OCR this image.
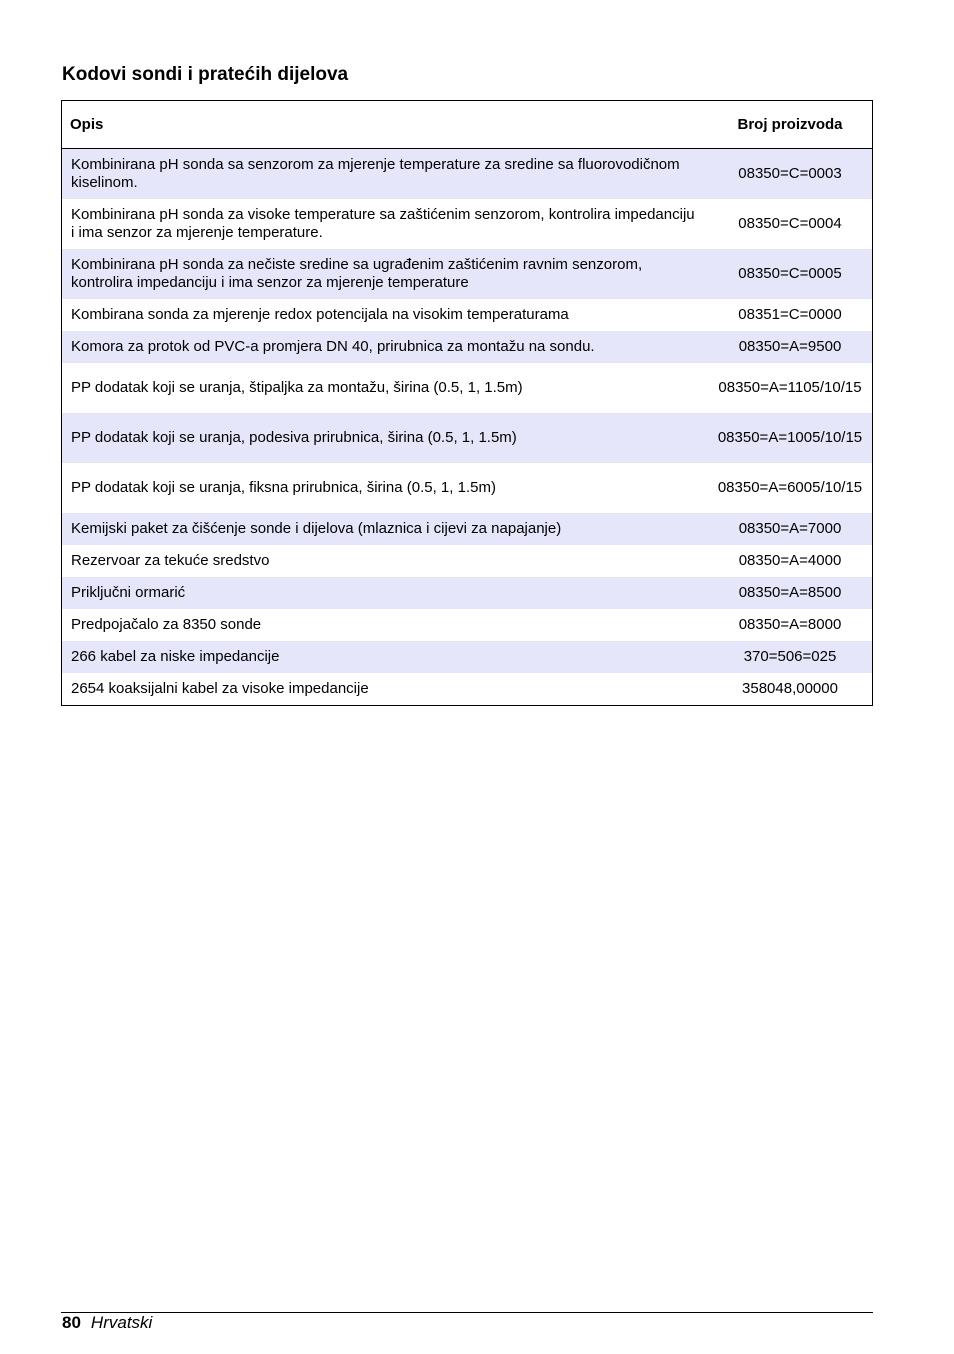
Kodovi sondi i pratećih dijelova
Opis	Broj proizvoda
Kombinirana pH sonda sa senzorom za mjerenje temperature za sredine sa fluorovodičnom kiselinom.	08350=C=0003
Kombinirana pH sonda za visoke temperature sa zaštićenim senzorom, kontrolira impedanciju i ima senzor za mjerenje temperature.	08350=C=0004
Kombinirana pH sonda za nečiste sredine sa ugrađenim zaštićenim ravnim senzorom, kontrolira impedanciju i ima senzor za mjerenje temperature	08350=C=0005
Kombirana sonda za mjerenje redox potencijala na visokim temperaturama	08351=C=0000
Komora za protok od PVC-a promjera DN 40, prirubnica za montažu na sondu.	08350=A=9500
PP dodatak koji se uranja, štipaljka za montažu, širina (0.5, 1, 1.5m)	08350=A=1105/10/15
PP dodatak koji se uranja, podesiva prirubnica, širina (0.5, 1, 1.5m)	08350=A=1005/10/15
PP dodatak koji se uranja, fiksna prirubnica, širina (0.5, 1, 1.5m)	08350=A=6005/10/15
Kemijski paket za čišćenje sonde i dijelova (mlaznica i cijevi za napajanje)	08350=A=7000
Rezervoar za tekuće sredstvo	08350=A=4000
Priključni ormarić	08350=A=8500
Predpojačalo za 8350 sonde	08350=A=8000
266 kabel za niske impedancije	370=506=025
2654 koaksijalni kabel za visoke impedancije	358048,00000
80 Hrvatski
